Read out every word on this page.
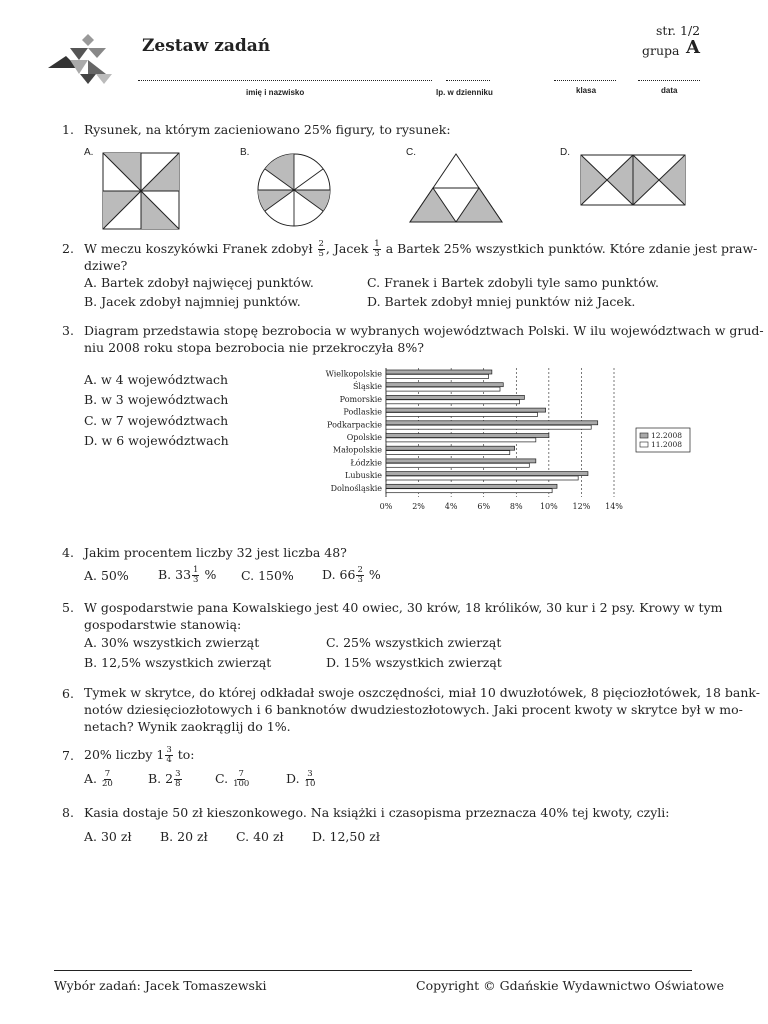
Zestaw zadań
str. 1/2
grupa A
imię i nazwisko	lp. w dzienniku	klasa	data
1. Rysunek, na którym zacieniowano 25% figury, to rysunek:
A.	B.	C.	D.
2. W meczu koszykówki Franek zdobył $\frac{2}{5}$ , Jacek $\frac{1}{3}$ a Bartek 25% wszystkich punktów. Które zdanie jest praw-
dziwe?
A. Bartek zdobył najwięcej punktów.
B. Jacek zdobył najmniej punktów.
C. Franek i Bartek zdobyli tyle samo punktów.
D. Bartek zdobył mniej punktów niż Jacek.
3. Diagram przedstawia stopę bezrobocia w wybranych województwach Polski. W ilu województwach w grud-
niu 2008 roku stopa bezrobocia nie przekroczyła 8%?
A. w 4 województwach
B. w 3 województwach
C. w 7 województwach
D. w 6 województwach
0% 2% 4% 6% 8% 10% 12% 14%
Wielkopolskie
Śląskie
Pomorskie
Podlaskie
Podkarpackie
Opolskie
Małopolskie
Łódzkie
Lubuskie
Dolnośląskie
12.2008
11.2008
4. Jakim procentem liczby 32 jest liczba 48?
A. 50% B. $33 \frac{1}{3}$ % C. 150% D. $66 \frac{2}{3}$ %
5. W gospodarstwie pana Kowalskiego jest 40 owiec, 30 krów, 18 królików, 30 kur i 2 psy. Krowy w tym
gospodarstwie stanowią:
A. 30% wszystkich zwierząt
B. 12,5% wszystkich zwierząt
C. 25% wszystkich zwierząt
D. 15% wszystkich zwierząt
6. Tymek w skrytce, do której odkładał swoje oszczędności, miał 10 dwuzłotówek, 8 pięciozłotówek, 18 bank-
notów dziesięciozłotowych i 6 banknotów dwudziestozłotowych. Jaki procent kwoty w skrytce był w mo-
netach? Wynik zaokrąglij do 1%.
7. 20% liczby $1 \frac{3}{4}$ to:
A. $\frac{7}{20}$	B. $2 \frac{3}{8}$	C. $\frac{7}{100}$	D. $\frac{3}{10}$
8. Kasia dostaje 50 zł kieszonkowego. Na książki i czasopisma przeznacza 40% tej kwoty, czyli:
A. 30 zł B. 20 zł C. 40 zł D. 12,50 zł
Wybór zadań: Jacek Tomaszewski	Copyright © Gdańskie Wydawnictwo Oświatowe
